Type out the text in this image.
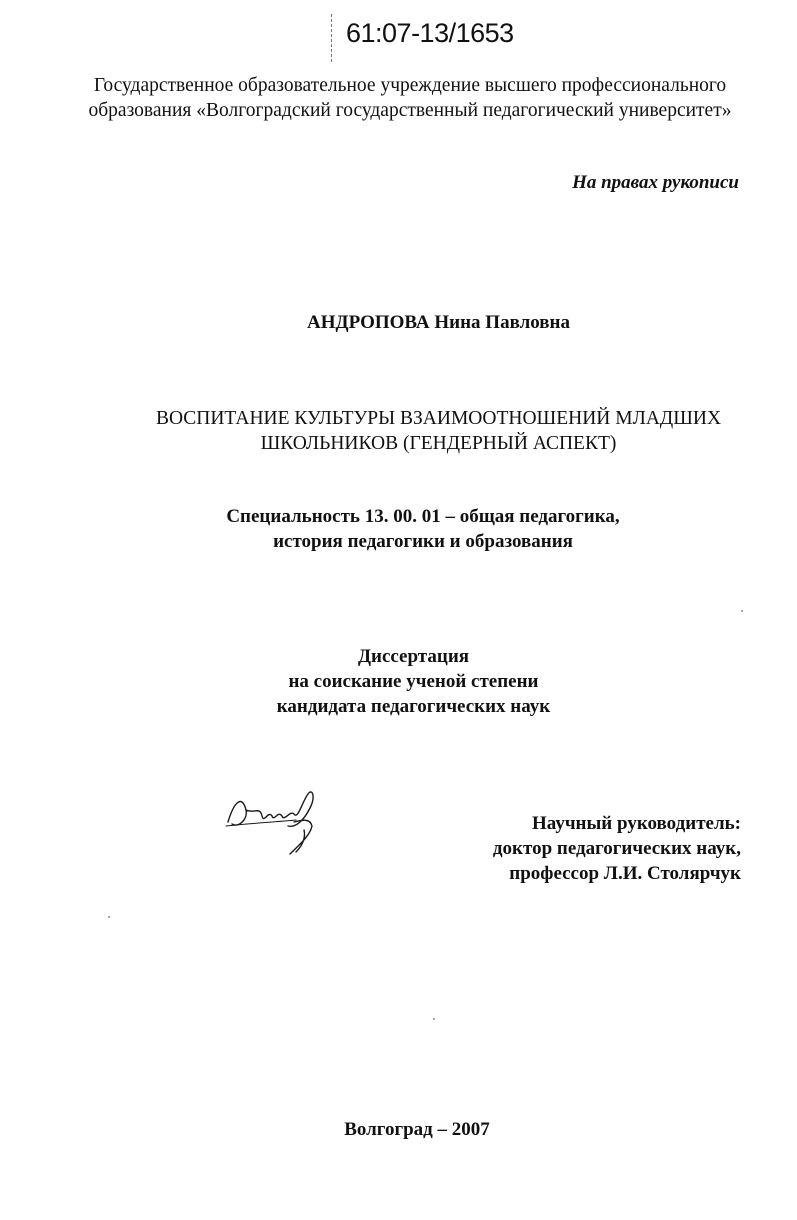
61:07-13/1653
Государственное образовательное учреждение высшего профессионального
образования «Волгоградский государственный педагогический университет»
На правах рукописи
АНДРОПОВА Нина Павловна
ВОСПИТАНИЕ КУЛЬТУРЫ ВЗАИМООТНОШЕНИЙ МЛАДШИХ
ШКОЛЬНИКОВ (ГЕНДЕРНЫЙ АСПЕКТ)
Специальность 13. 00. 01 – общая педагогика,
история педагогики и образования
Диссертация
на соискание ученой степени
кандидата педагогических наук
Научный руководитель:
доктор педагогических наук,
профессор Л.И. Столярчук
Волгоград – 2007
